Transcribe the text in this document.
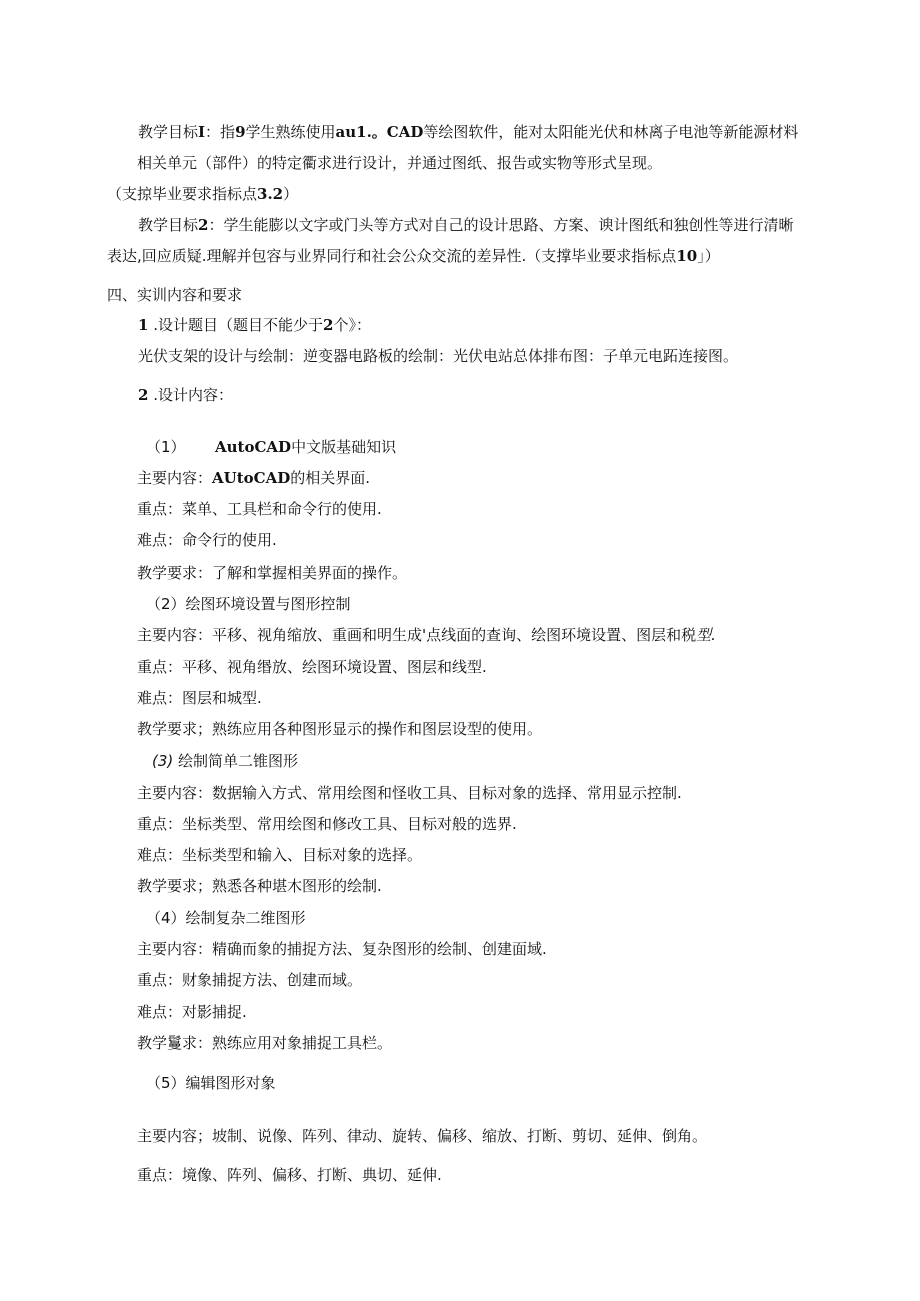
教学目标I：指9学生熟练使用au1.。CAD等绘图软件，能对太阳能光伏和林离子电池等新能源材料
相关单元（部件）的特定衢求进行设计，并通过图纸、报告或实物等形式呈现。
（支掠毕业要求指标点3.2）
教学目标2：学生能膨以文字或门头等方式对自己的设计思路、方案、谀计图纸和独创性等进行清晰
表达,回应质疑.理解并包容与业界同行和社会公众交流的差异性.（支撑毕业要求指标点10」）
四、实训内容和要求
1 .设计题目（题目不能少于2个》：
光伏支架的设计与绘制：逆变器电路板的绘制：光伏电站总体排布图：子单元电跖连接图。
2 .设计内容：
（1） AutoCAD中文版基础知识
主要内容：AUtoCAD的相关界面.
重点：菜单、工具栏和命令行的使用.
难点：命令行的使用.
教学要求：了解和掌握相美界面的操作。
（2）绘图环境设置与图形控制
主要内容：平移、视角缩放、重画和明生成'点线面的查询、绘图环境设置、图层和税型.
重点：平移、视角缗放、绘图环境设置、图层和线型.
难点：图层和城型.
教学要求；熟练应用各种图形显示的操作和图层设型的使用。
(3) 绘制简单二锥图形
主要内容：数据输入方式、常用绘图和怪收工具、目标对象的选择、常用显示控制.
重点：坐标类型、常用绘图和修改工具、目标对般的选界.
难点：坐标类型和输入、目标对象的选择。
教学要求；熟悉各种堪木图形的绘制.
（4）绘制复杂二维图形
主要内容：精确而象的捕捉方法、复杂图形的绘制、创建面域.
重点：财象捕捉方法、创建而域。
难点：对影捕捉.
教学鬘求：熟练应用对象捕捉工具栏。
（5）编辑图形对象
主要内容；坡制、说像、阵列、律动、旋转、偏移、缩放、打断、剪切、延伸、倒角。
重点：境像、阵列、偏移、打断、典切、延伸.
